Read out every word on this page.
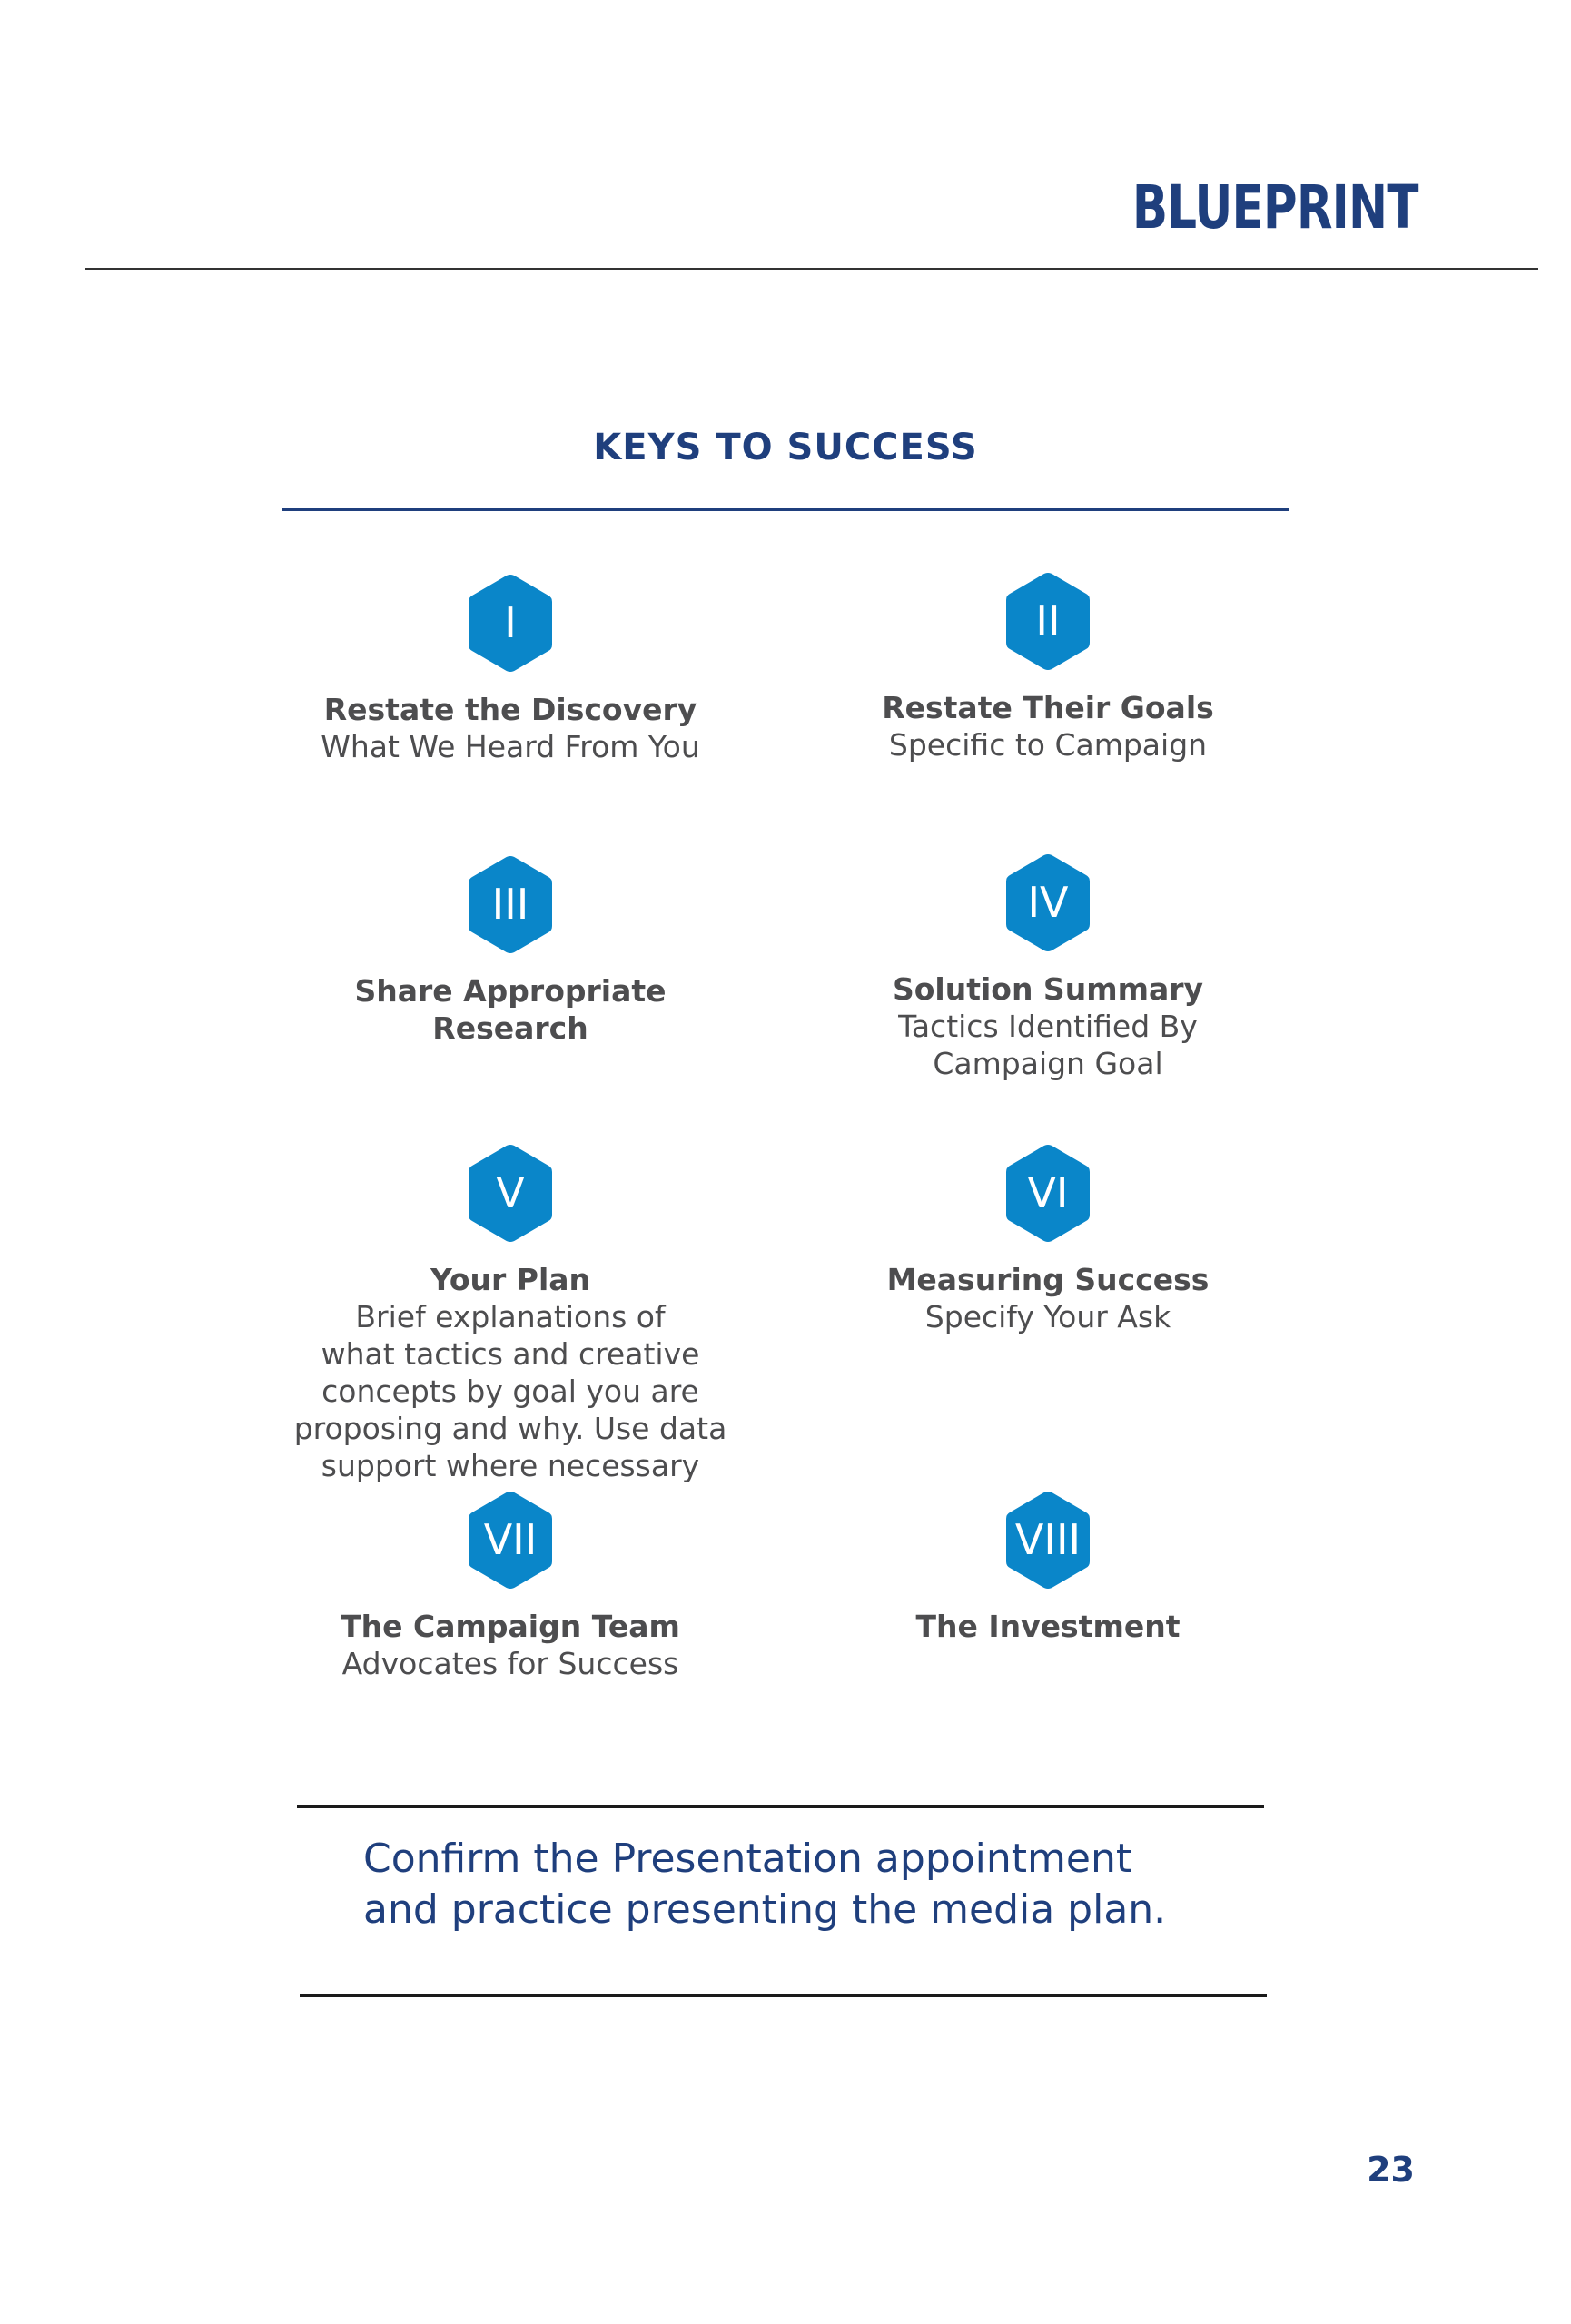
BLUEPRINT
KEYS TO SUCCESS
I
Restate the Discovery
What We Heard From You
II
Restate Their Goals
Specific to Campaign
III
Share Appropriate
Research
IV
Solution Summary
Tactics Identified By
Campaign Goal
V
Your Plan
Brief explanations of
what tactics and creative
concepts by goal you are
proposing and why. Use data
support where necessary
VI
Measuring Success
Specify Your Ask
VII
The Campaign Team
Advocates for Success
VIII
The Investment
Confirm the Presentation appointment
and practice presenting the media plan.
23
